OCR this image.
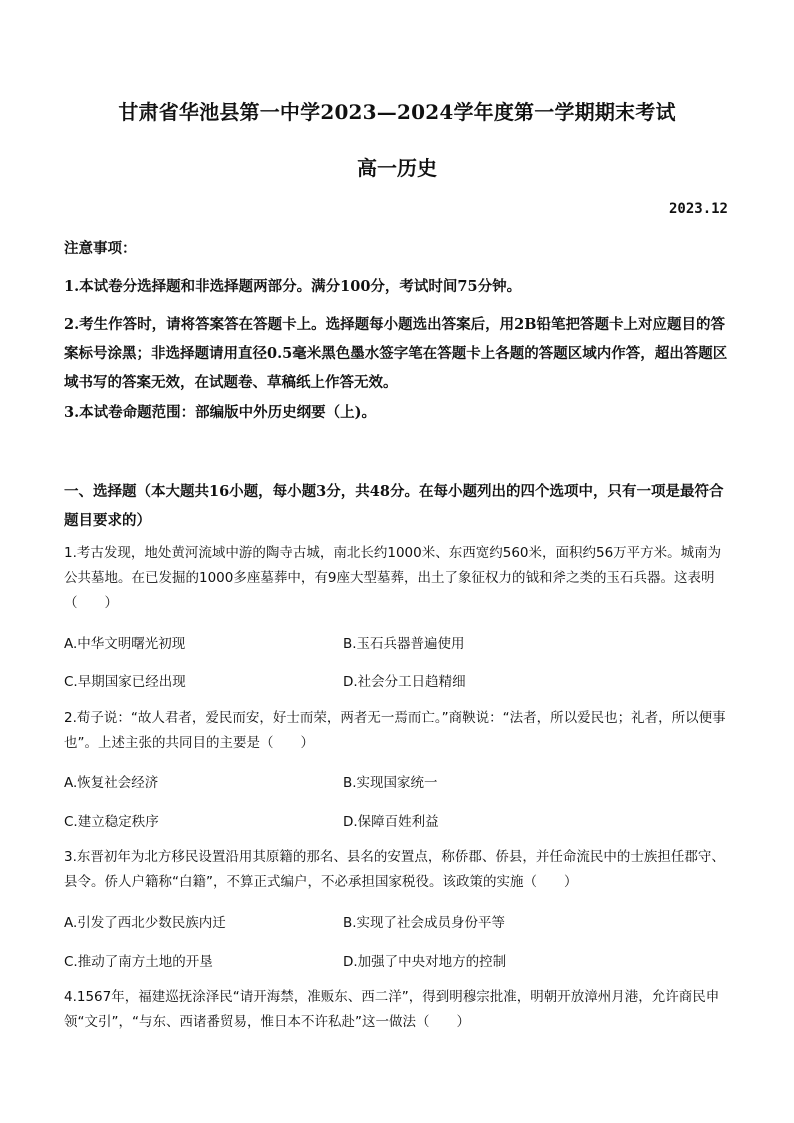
甘肃省华池县第一中学2023—2024学年度第一学期期末考试
高一历史
2023.12
注意事项：
1.本试卷分选择题和非选择题两部分。满分100分，考试时间75分钟。
2.考生作答时，请将答案答在答题卡上。选择题每小题选出答案后，用2B铅笔把答题卡上对应题目的答案标号涂黑；非选择题请用直径0.5毫米黑色墨水签字笔在答题卡上各题的答题区域内作答，超出答题区域书写的答案无效，在试题卷、草稿纸上作答无效。
3.本试卷命题范围：部编版中外历史纲要（上)。
一、选择题（本大题共16小题，每小题3分，共48分。在每小题列出的四个选项中，只有一项是最符合题目要求的）
1.考古发现，地处黄河流域中游的陶寺古城，南北长约1000米、东西宽约560米，面积约56万平方米。城南为公共墓地。在已发掘的1000多座墓葬中，有9座大型墓葬，出土了象征权力的钺和斧之类的玉石兵器。这表明（　　）
A.中华文明曙光初现	B.玉石兵器普遍使用
C.早期国家已经出现	D.社会分工日趋精细
2.荀子说：“故人君者，爱民而安，好士而荣，两者无一焉而亡。”商鞅说：“法者，所以爱民也；礼者，所以便事也”。上述主张的共同目的主要是（　　）
A.恢复社会经济	B.实现国家统一
C.建立稳定秩序	D.保障百姓利益
3.东晋初年为北方移民设置沿用其原籍的那名、县名的安置点，称侨郡、侨县，并任命流民中的士族担任郡守、县令。侨人户籍称“白籍”，不算正式编户，不必承担国家税役。该政策的实施（　　）
A.引发了西北少数民族内迁	B.实现了社会成员身份平等
C.推动了南方土地的开垦	D.加强了中央对地方的控制
4.1567年，福建巡抚涂泽民“请开海禁，准贩东、西二洋”，得到明穆宗批准，明朝开放漳州月港，允许商民申领“文引”，“与东、西诸番贸易，惟日本不许私赴”这一做法（　　）
